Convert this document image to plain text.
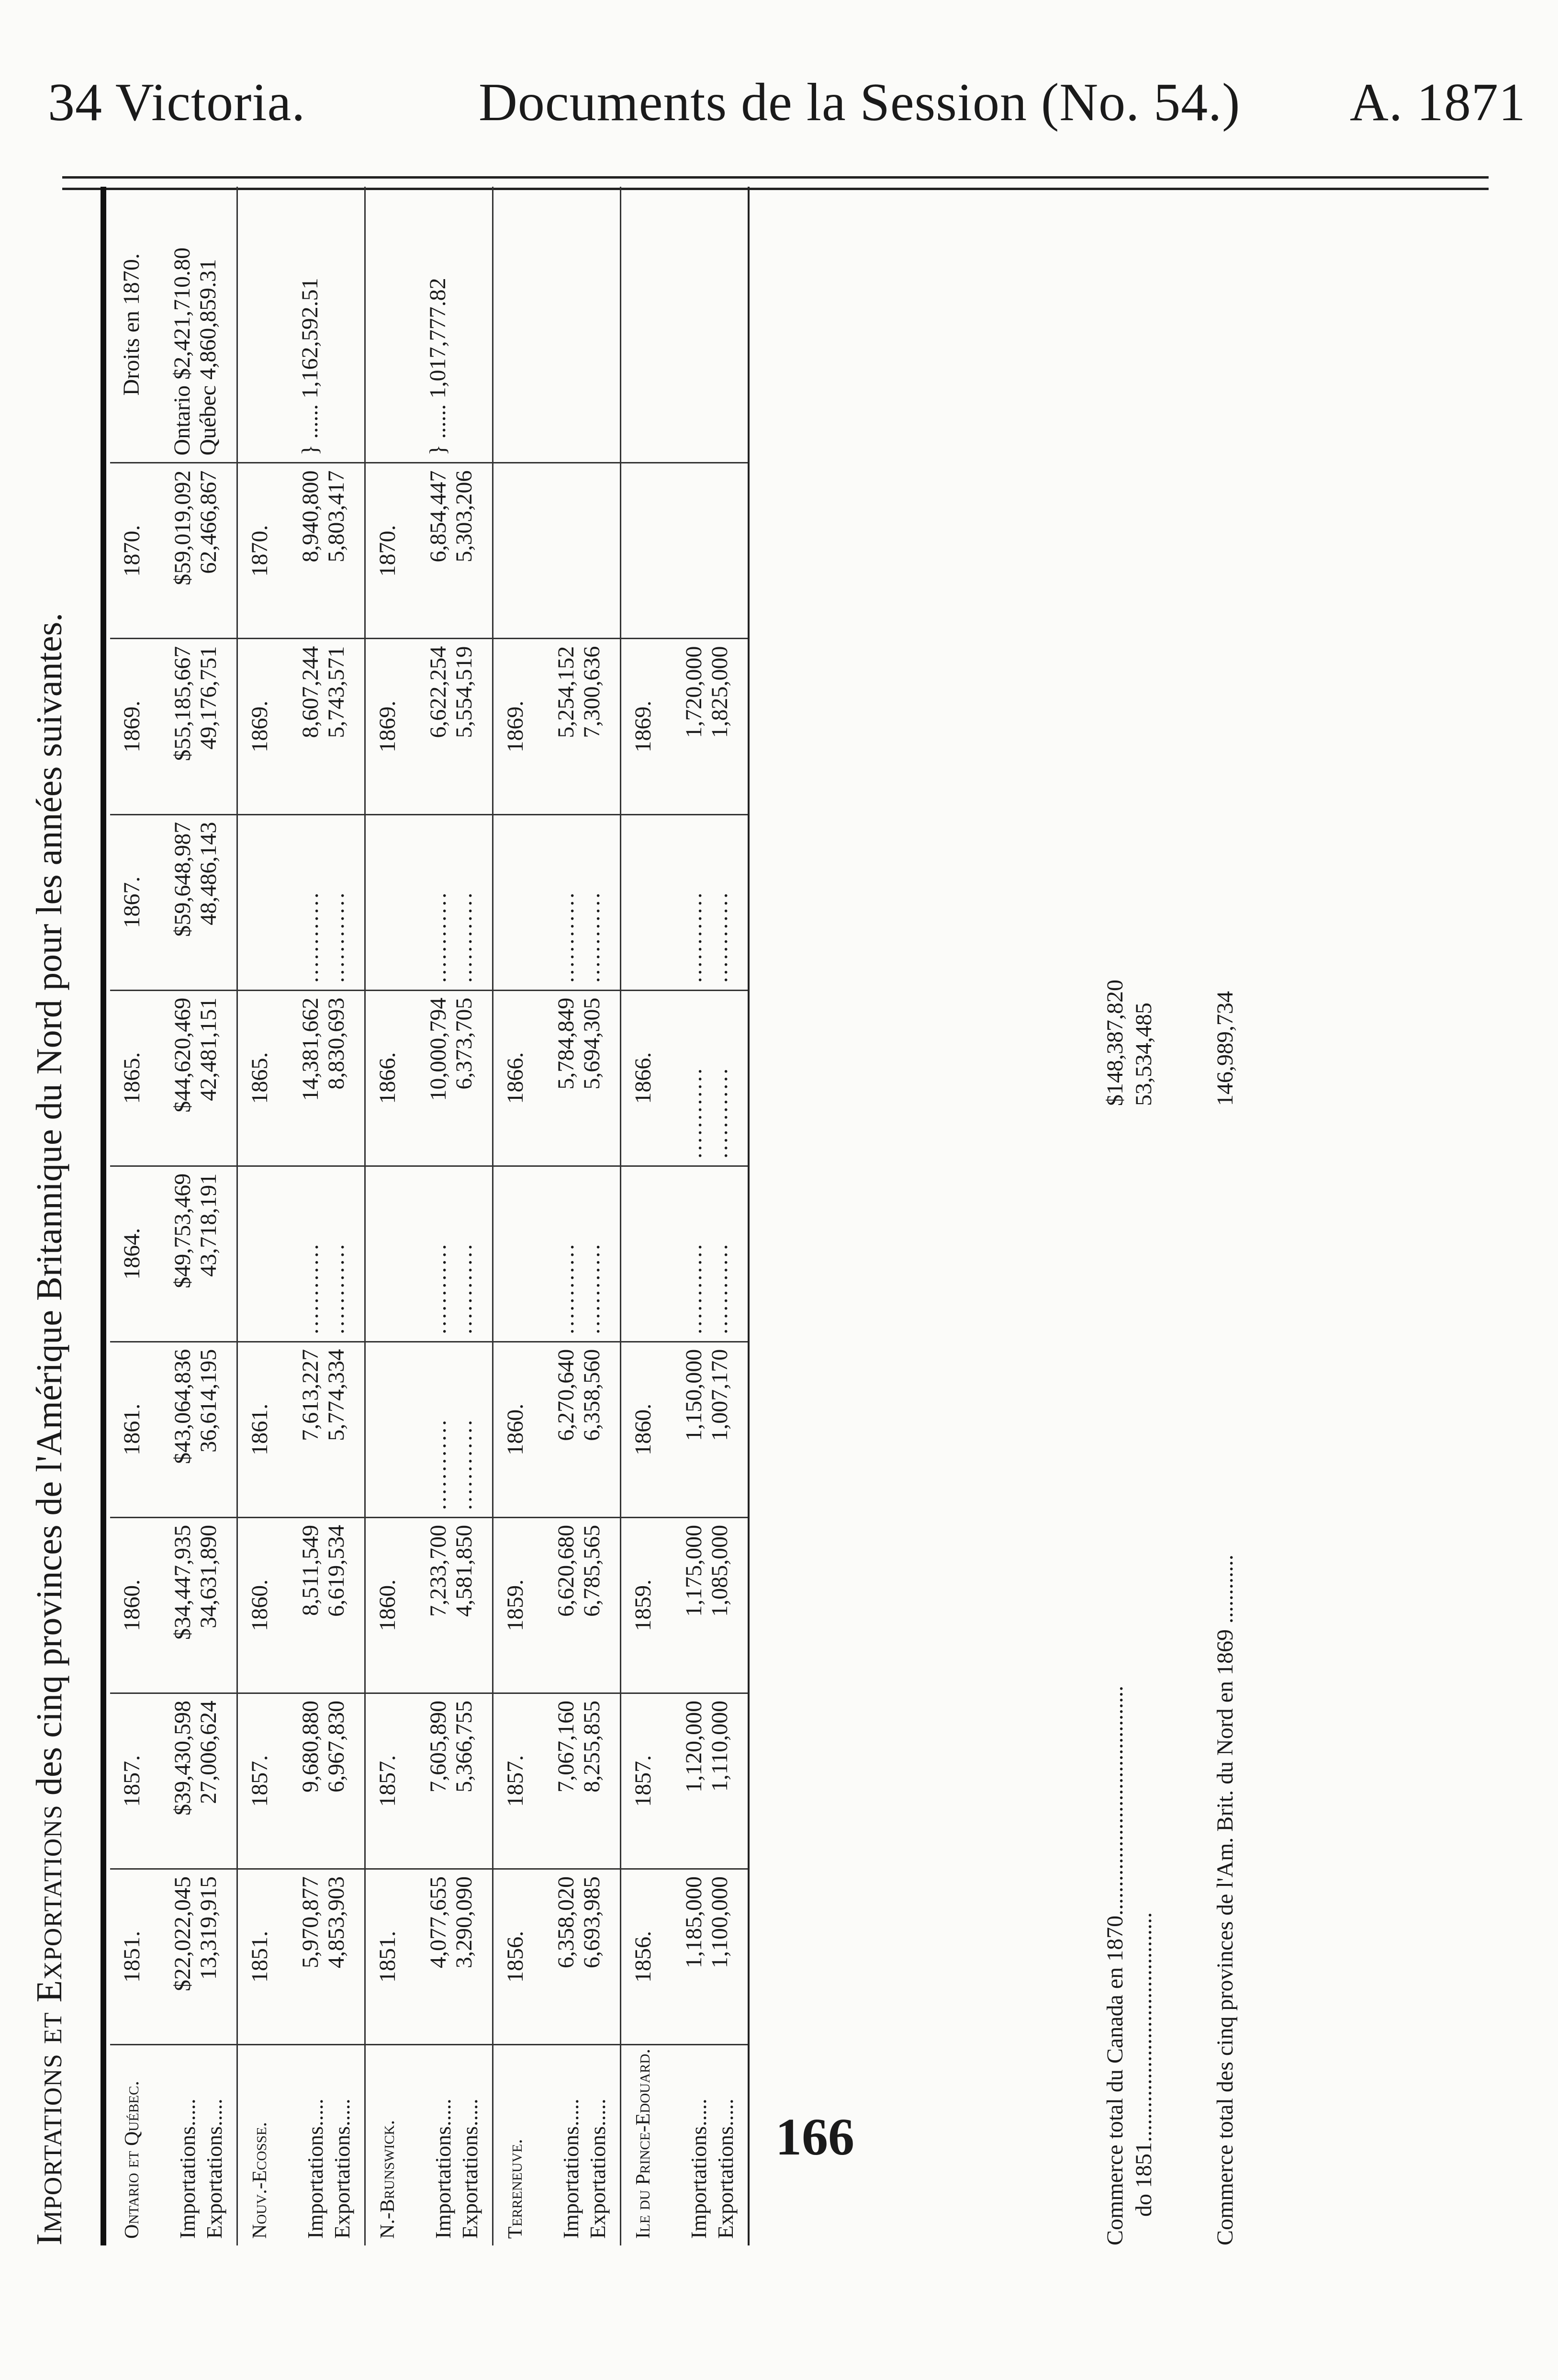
34 Victoria.	Documents de la Session (No. 54.) A. 1871
Importations et Exportations des cinq provinces de l'Amérique Britannique du Nord pour les années suivantes.
Ontario et Québec. Importations..... Exportations.....	1851. $22,022,045 13,319,915	1857. $39,430,598 27,006,624	1860. $34,447,935 34,631,890	1861. $43,064,836 36,614,195	1864. $49,753,469 43,718,191	1865. $44,620,469 42,481,151	1867. $59,648,987 48,486,143	1869. $55,185,667 49,176,751	1870. $59,019,092 62,466,867	Droits en 1870. Ontario $2,421,710.80 Québec 4,860,859.31

Nouv.-Ecosse. Importations..... Exportations.....	1851. 5,970,877 4,853,903	1857. 9,680,880 6,967,830	1860. 8,511,549 6,619,534	1861. 7,613,227 5,774,334	............ ............	1865. 14,381,662 8,830,693	............ ............	1869. 8,607,244 5,743,571	1870. 8,940,800 5,803,417	} ...... 1,162,592.51

N.-Brunswick. Importations..... Exportations.....	1851. 4,077,655 3,290,090	1857. 7,605,890 5,366,755	1860. 7,233,700 4,581,850	............ ............	............ ............	1866. 10,000,794 6,373,705	............ ............	1869. 6,622,254 5,554,519	1870. 6,854,447 5,303,206	} ...... 1,017,777.82

Terreneuve. Importations..... Exportations.....	1856. 6,358,020 6,693,985	1857. 7,067,160 8,255,855	1859. 6,620,680 6,785,565	1860. 6,270,640 6,358,560	............ ............	1866. 5,784,849 5,694,305	............ ............	1869. 5,254,152 7,300,636		

Ile du Prince-Edouard. Importations..... Exportations.....	1856. 1,185,000 1,100,000	1857. 1,120,000 1,110,000	1859. 1,175,000 1,085,000	1860. 1,150,000 1,007,170	............ ............	1866. ............ ............	............ ............	1869. 1,720,000 1,825,000		

Commerce total du Canada en 1870........................................
$148,387,820
do 1851........................................
53,534,485
Commerce total des cinq provinces de l'Am. Brit. du Nord en 1869 ............
146,989,734
166
